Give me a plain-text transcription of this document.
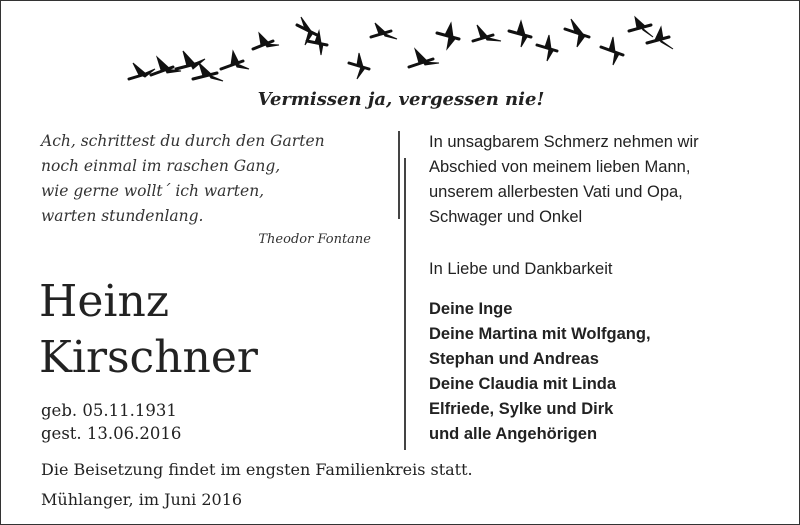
Vermissen ja, vergessen nie!
Ach, schrittest du durch den Garten
noch einmal im raschen Gang,
wie gerne wollt´ ich warten,
warten stundenlang.
Theodor Fontane
Heinz
Kirschner
geb. 05.11.1931
gest. 13.06.2016
In unsagbarem Schmerz nehmen wir
Abschied von meinem lieben Mann,
unserem allerbesten Vati und Opa,
Schwager und Onkel
In Liebe und Dankbarkeit
Deine Inge
Deine Martina mit Wolfgang,
Stephan und Andreas
Deine Claudia mit Linda
Elfriede, Sylke und Dirk
und alle Angehörigen
Die Beisetzung findet im engsten Familienkreis statt.
Mühlanger, im Juni 2016
